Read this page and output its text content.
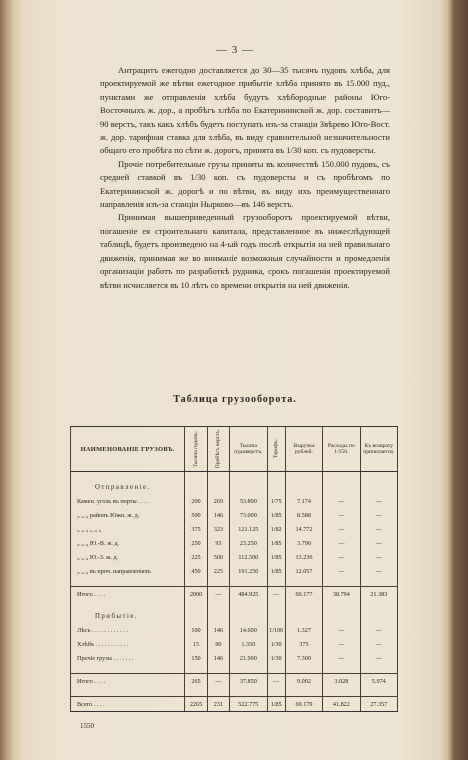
— 3 —

Антрацитъ ежегодно доставляется до 30—35 тысячъ пудовъ хлѣба, для проектируемой же вѣтви ежегодное прибытіе хлѣба принято въ 15.000 пуд., пунктами же отправленія хлѣба будутъ хлѣбородные районы Юго-Восточныхъ ж. дор., а пробѣгъ хлѣба по Екатерининской ж. дор. составитъ—90 верстъ, такъ какъ хлѣбъ будетъ поступать изъ-за станціи Звѣрево Юго-Вост. ж. дор. тарифная ставка для хлѣба, въ виду сравнительной незначительности общаго его пробѣга по сѣти ж. дорогъ, принята въ 1/30 коп. съ пудоверсты.

Прочіе потребительные грузы приняты въ количествѣ 150.000 пудовъ, съ средней ставкой въ 1/30 коп. съ пудоверсты и съ пробѣгомъ по Екатерининской ж. дорогѣ и по вѣтви, въ виду ихъ преимущественнаго направленія изъ-за станціи Нырково—въ 146 верстъ.

Принимая вышеприведенный грузооборотъ проектируемой вѣтви, погашеніе ея строительнаго капитала, представленное въ нижеслѣдующей таблицѣ, будетъ произведено на 4-ый годъ послѣ открытія на ней правильнаго движенія, принимая же во вниманіе возможныя случайности и промедленія организаціи работъ по разработкѣ рудника, срокъ погашенія проектируемой вѣтви исчисляется въ 10 лѣтъ со времени открытія на ней движенія.

Таблица грузооборота.
НАИМЕНОВАНІЕ ГРУЗОВЪ.	Тысяча пудовъ.	Пробѣгъ верстъ.	Тысяча пудоверстъ.	Тарифъ.	Выручка рублей.	Расходы по 1/150.	Къ возврату причитается.

Отправленіе.							
Камен. уголь въ порты . . . .	200	269	53.800	1/75	7.174	—	—
„ „ „ районъ Южн. ж. д.	500	146	73.000	1/85	8.588	—	—
„ „ „ „ „ „	375	323	121.125	1/82	14.772	—	—
„ „ „ Ю.-В. ж. д.	250	93	23.250	1/85	3.790	—	—
„ „ „ Ю.-З. ж. д.	225	500	112.500	1/85	13.236	—	—
„ „ „ въ проч. направленіяхъ	450	225	101.250	1/85	12.057	—	—

Итого . . . .	2000	—	484.925	—	60.177	38.794	21.383

Прибытіе.							
Лѣсъ . . . . . . . . . . . .	100	146	14.600	1/100	1.327	—	—
Хлѣбъ . . . . . . . . . . .	15	90	1.350	1/30	375	—	—
Прочіе грузы . . . . . . .	150	146	21.900	1/30	7.300	—	—

Итого . . . .	265	—	37.850	—	9.002	3.028	5.974

Всего . . . .	2265	231	522.775	1/85	69.179	41.822	27.357
1550
